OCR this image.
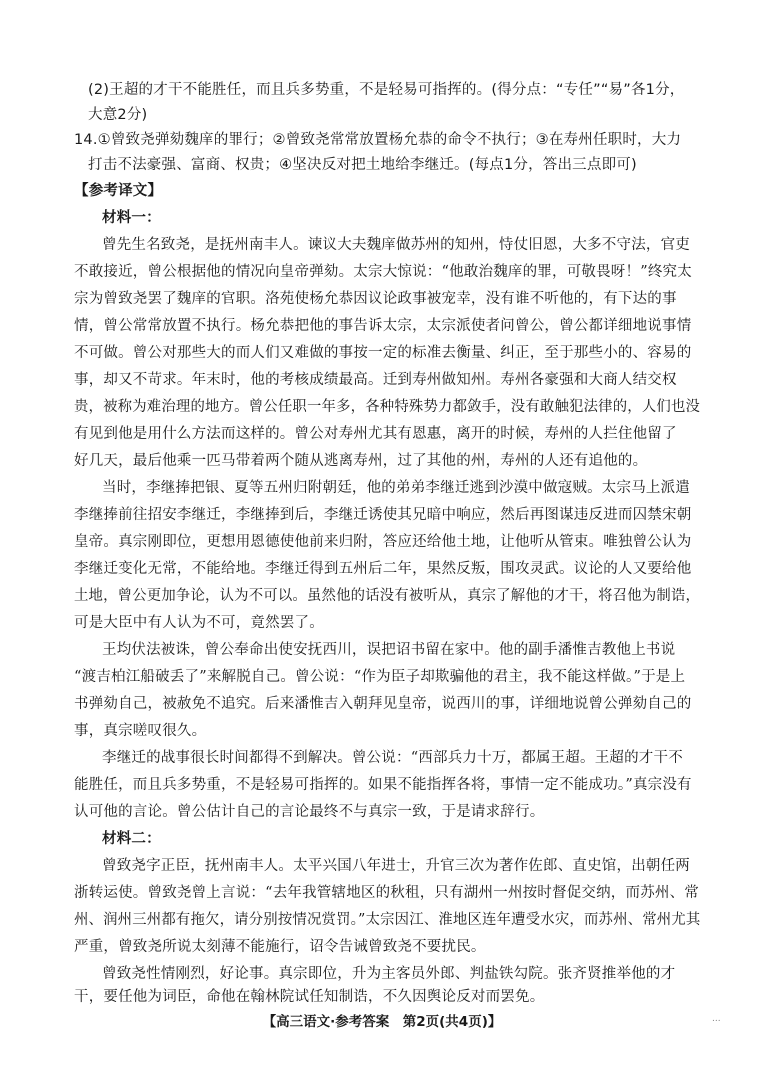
(2)王超的才干不能胜任，而且兵多势重，不是轻易可指挥的。(得分点：“专任”“易”各1分，
大意2分)
14.①曾致尧弹劾魏庠的罪行；②曾致尧常常放置杨允恭的命令不执行；③在寿州任职时，大力
打击不法豪强、富商、权贵；④坚决反对把土地给李继迁。(每点1分，答出三点即可)
【参考译文】
材料一：
曾先生名致尧，是抚州南丰人。谏议大夫魏庠做苏州的知州，恃仗旧恩，大多不守法，官吏
不敢接近，曾公根据他的情况向皇帝弹劾。太宗大惊说：“他敢治魏庠的罪，可敬畏呀！”终究太
宗为曾致尧罢了魏庠的官职。洛苑使杨允恭因议论政事被宠幸，没有谁不听他的，有下达的事
情，曾公常常放置不执行。杨允恭把他的事告诉太宗，太宗派使者问曾公，曾公都详细地说事情
不可做。曾公对那些大的而人们又难做的事按一定的标准去衡量、纠正，至于那些小的、容易的
事，却又不苛求。年末时，他的考核成绩最高。迁到寿州做知州。寿州各豪强和大商人结交权
贵，被称为难治理的地方。曾公任职一年多，各种特殊势力都敛手，没有敢触犯法律的，人们也没
有见到他是用什么方法而这样的。曾公对寿州尤其有恩惠，离开的时候，寿州的人拦住他留了
好几天，最后他乘一匹马带着两个随从逃离寿州，过了其他的州，寿州的人还有追他的。
当时，李继捧把银、夏等五州归附朝廷，他的弟弟李继迁逃到沙漠中做寇贼。太宗马上派遣
李继捧前往招安李继迁，李继捧到后，李继迁诱使其兄暗中响应，然后再图谋违反进而囚禁宋朝
皇帝。真宗刚即位，更想用恩德使他前来归附，答应还给他土地，让他听从管束。唯独曾公认为
李继迁变化无常，不能给地。李继迁得到五州后二年，果然反叛，围攻灵武。议论的人又要给他
土地，曾公更加争论，认为不可以。虽然他的话没有被听从，真宗了解他的才干，将召他为制诰，
可是大臣中有人认为不可，竟然罢了。
王均伏法被诛，曾公奉命出使安抚西川，误把诏书留在家中。他的副手潘惟吉教他上书说
“渡吉柏江船破丢了”来解脱自己。曾公说：“作为臣子却欺骗他的君主，我不能这样做。”于是上
书弹劾自己，被赦免不追究。后来潘惟吉入朝拜见皇帝，说西川的事，详细地说曾公弹劾自己的
事，真宗嗟叹很久。
李继迁的战事很长时间都得不到解决。曾公说：“西部兵力十万，都属王超。王超的才干不
能胜任，而且兵多势重，不是轻易可指挥的。如果不能指挥各将，事情一定不能成功。”真宗没有
认可他的言论。曾公估计自己的言论最终不与真宗一致，于是请求辞行。
材料二：
曾致尧字正臣，抚州南丰人。太平兴国八年进士，升官三次为著作佐郎、直史馆，出朝任两
浙转运使。曾致尧曾上言说：“去年我管辖地区的秋租，只有湖州一州按时督促交纳，而苏州、常
州、润州三州都有拖欠，请分别按情况赏罚。”太宗因江、淮地区连年遭受水灾，而苏州、常州尤其
严重，曾致尧所说太刻薄不能施行，诏令告诫曾致尧不要扰民。
曾致尧性情刚烈，好论事。真宗即位，升为主客员外郎、判盐铁勾院。张齐贤推举他的才
干，要任他为词臣，命他在翰林院试任知制诰，不久因舆论反对而罢免。
【高三语文·参考答案　第2页(共4页)】	...
